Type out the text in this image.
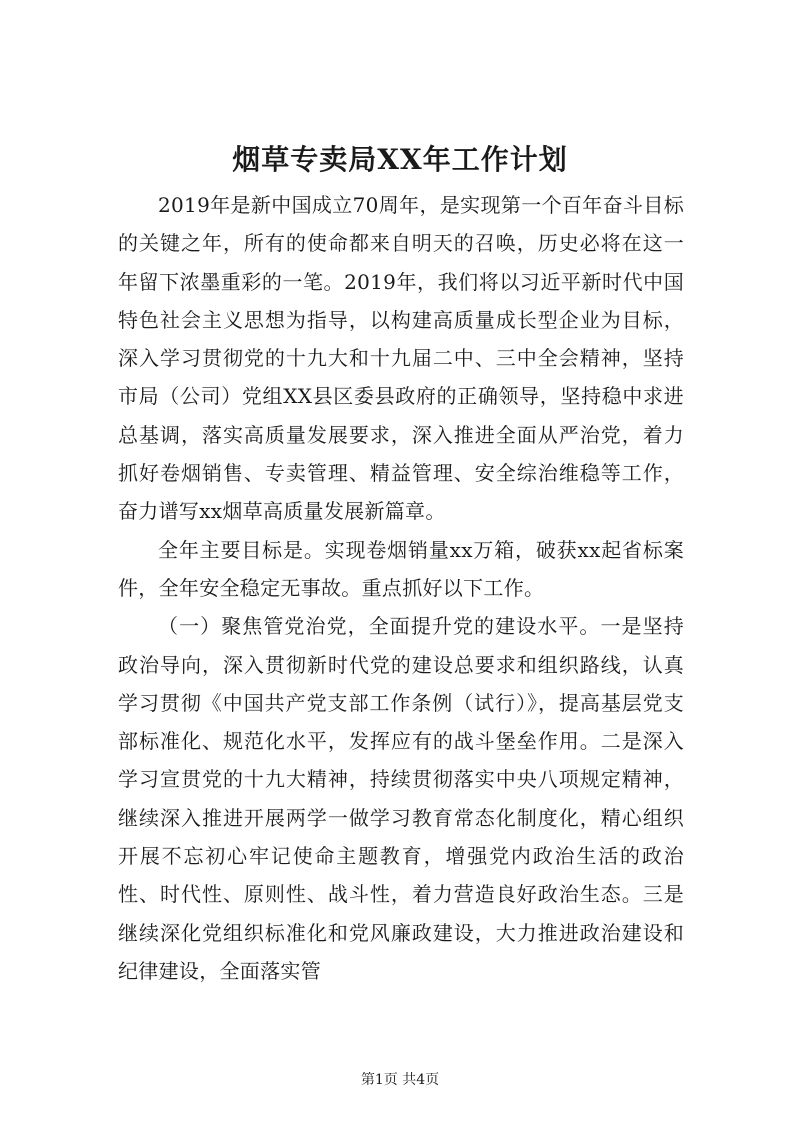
烟草专卖局XX年工作计划

2019年是新中国成立70周年，是实现第一个百年奋斗目标的关键之年，所有的使命都来自明天的召唤，历史必将在这一年留下浓墨重彩的一笔。2019年，我们将以习近平新时代中国特色社会主义思想为指导，以构建高质量成长型企业为目标，深入学习贯彻党的十九大和十九届二中、三中全会精神，坚持市局（公司）党组XX县区委县政府的正确领导，坚持稳中求进总基调，落实高质量发展要求，深入推进全面从严治党，着力抓好卷烟销售、专卖管理、精益管理、安全综治维稳等工作，奋力谱写xx烟草高质量发展新篇章。

全年主要目标是。实现卷烟销量xx万箱，破获xx起省标案件，全年安全稳定无事故。重点抓好以下工作。

（一）聚焦管党治党，全面提升党的建设水平。一是坚持政治导向，深入贯彻新时代党的建设总要求和组织路线，认真学习贯彻《中国共产党支部工作条例（试行）》，提高基层党支部标准化、规范化水平，发挥应有的战斗堡垒作用。二是深入学习宣贯党的十九大精神，持续贯彻落实中央八项规定精神，继续深入推进开展两学一做学习教育常态化制度化，精心组织开展不忘初心牢记使命主题教育，增强党内政治生活的政治性、时代性、原则性、战斗性，着力营造良好政治生态。三是继续深化党组织标准化和党风廉政建设，大力推进政治建设和纪律建设，全面落实管

第1页 共4页
